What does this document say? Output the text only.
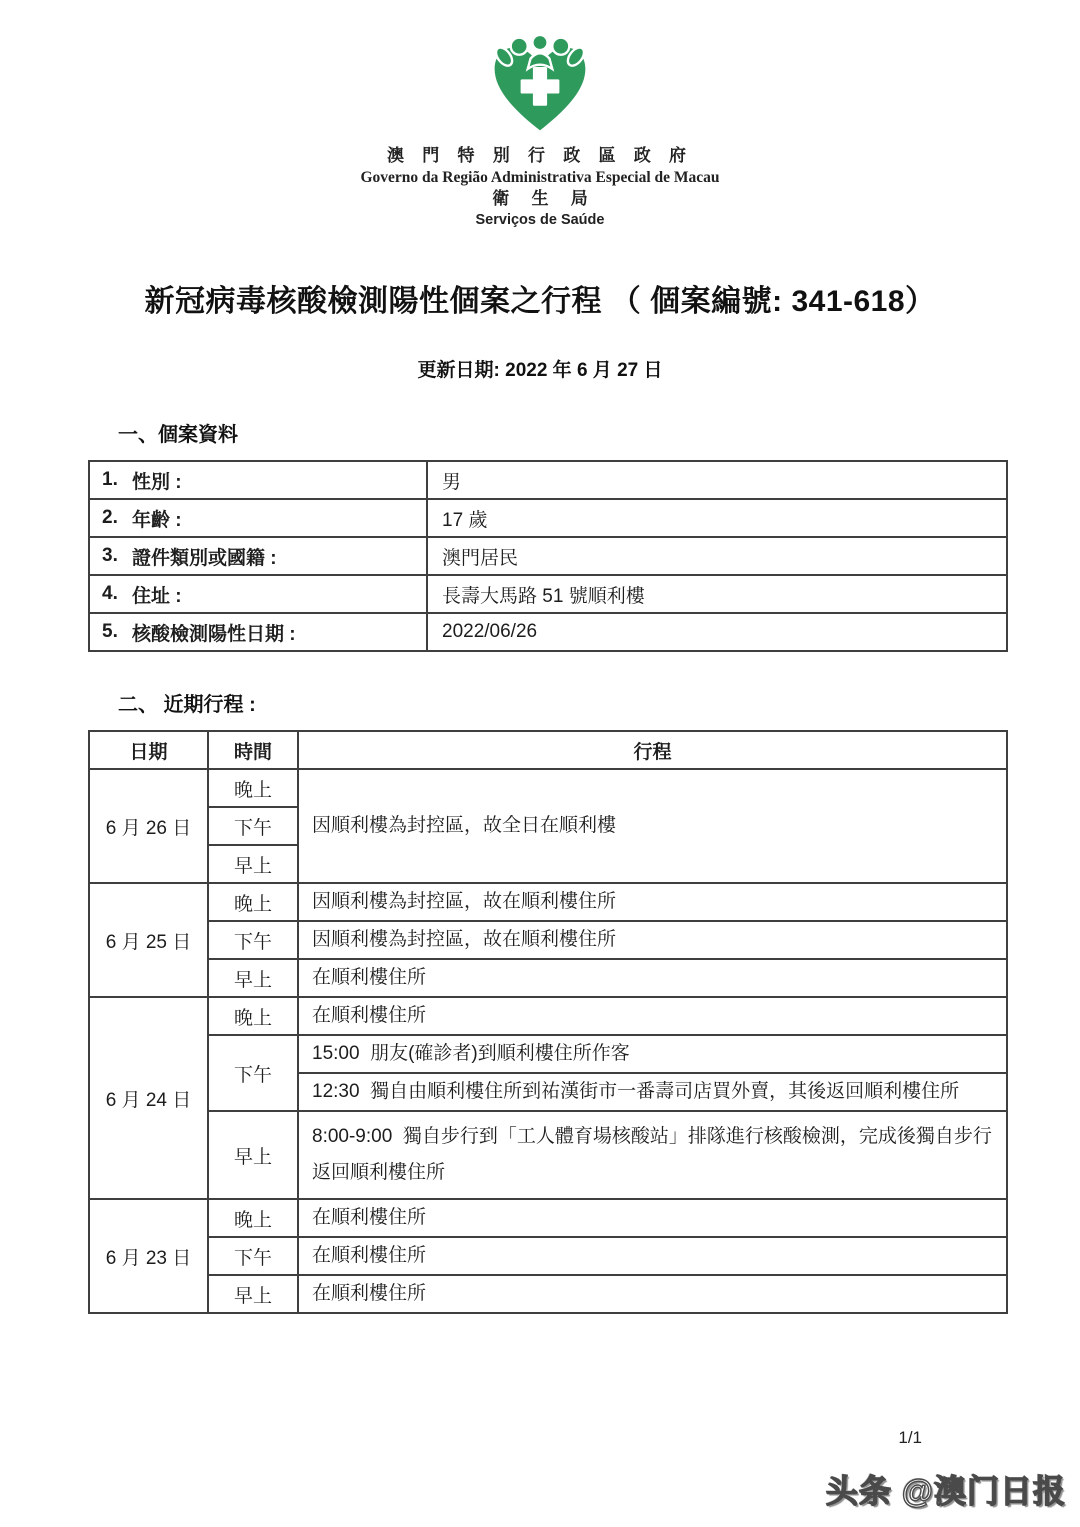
澳 門 特 別 行 政 區 政 府
Governo da Região Administrativa Especial de Macau
衛 生 局
Serviços de Saúde
新冠病毒核酸檢測陽性個案之行程 （ 個案編號: 341-618）
更新日期: 2022 年 6 月 27 日
一、個案資料
1. 性別 :	男

2. 年齡 :	17 歲

3. 證件類別或國籍 :	澳門居民

4. 住址 :	長壽大馬路 51 號順利樓

5. 核酸檢測陽性日期 :	2022/06/26
二、 近期行程 :
日期	時間	行程
6 月 26 日	晚上	因順利樓為封控區，故全日在順利樓
	下午	
	早上	
6 月 25 日	晚上	因順利樓為封控區，故在順利樓住所
	下午	因順利樓為封控區，故在順利樓住所
	早上	在順利樓住所
6 月 24 日	晚上	在順利樓住所
	下午	15:00  朋友(確診者)到順利樓住所作客
		12:30  獨自由順利樓住所到祐漢街市一番壽司店買外賣，其後返回順利樓住所
	早上	8:00-9:00  獨自步行到「工人體育場核酸站」排隊進行核酸檢測，完成後獨自步行返回順利樓住所
6 月 23 日	晚上	在順利樓住所
	下午	在順利樓住所
	早上	在順利樓住所
1/1
头条 @澳门日报
